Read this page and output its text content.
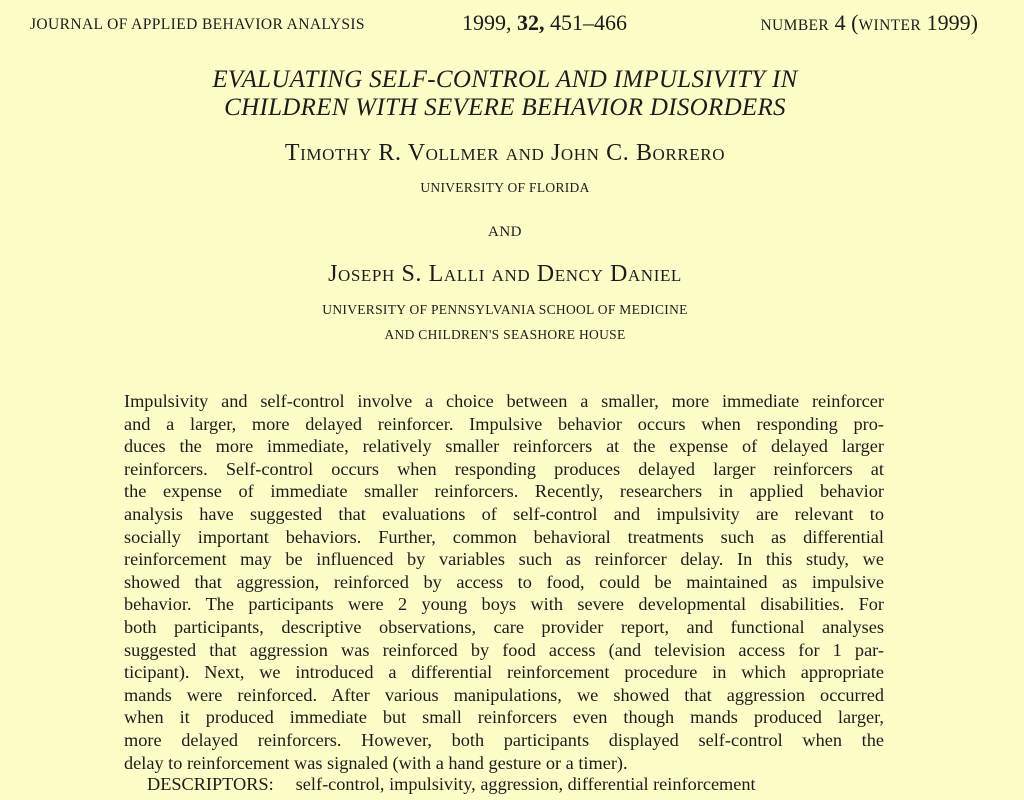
JOURNAL OF APPLIED BEHAVIOR ANALYSIS	1999, 32, 451–466	NUMBER 4 (WINTER 1999)
EVALUATING SELF-CONTROL AND IMPULSIVITY IN
CHILDREN WITH SEVERE BEHAVIOR DISORDERS
Timothy R. Vollmer and John C. Borrero
UNIVERSITY OF FLORIDA
AND
Joseph S. Lalli and Dency Daniel
UNIVERSITY OF PENNSYLVANIA SCHOOL OF MEDICINE
AND CHILDREN'S SEASHORE HOUSE
Impulsivity and self-control involve a choice between a smaller, more immediate reinforcer
and a larger, more delayed reinforcer. Impulsive behavior occurs when responding pro-
duces the more immediate, relatively smaller reinforcers at the expense of delayed larger
reinforcers. Self-control occurs when responding produces delayed larger reinforcers at
the expense of immediate smaller reinforcers. Recently, researchers in applied behavior
analysis have suggested that evaluations of self-control and impulsivity are relevant to
socially important behaviors. Further, common behavioral treatments such as differential
reinforcement may be influenced by variables such as reinforcer delay. In this study, we
showed that aggression, reinforced by access to food, could be maintained as impulsive
behavior. The participants were 2 young boys with severe developmental disabilities. For
both participants, descriptive observations, care provider report, and functional analyses
suggested that aggression was reinforced by food access (and television access for 1 par-
ticipant). Next, we introduced a differential reinforcement procedure in which appropriate
mands were reinforced. After various manipulations, we showed that aggression occurred
when it produced immediate but small reinforcers even though mands produced larger,
more delayed reinforcers. However, both participants displayed self-control when the
delay to reinforcement was signaled (with a hand gesture or a timer).
DESCRIPTORS: self-control, impulsivity, aggression, differential reinforcement
